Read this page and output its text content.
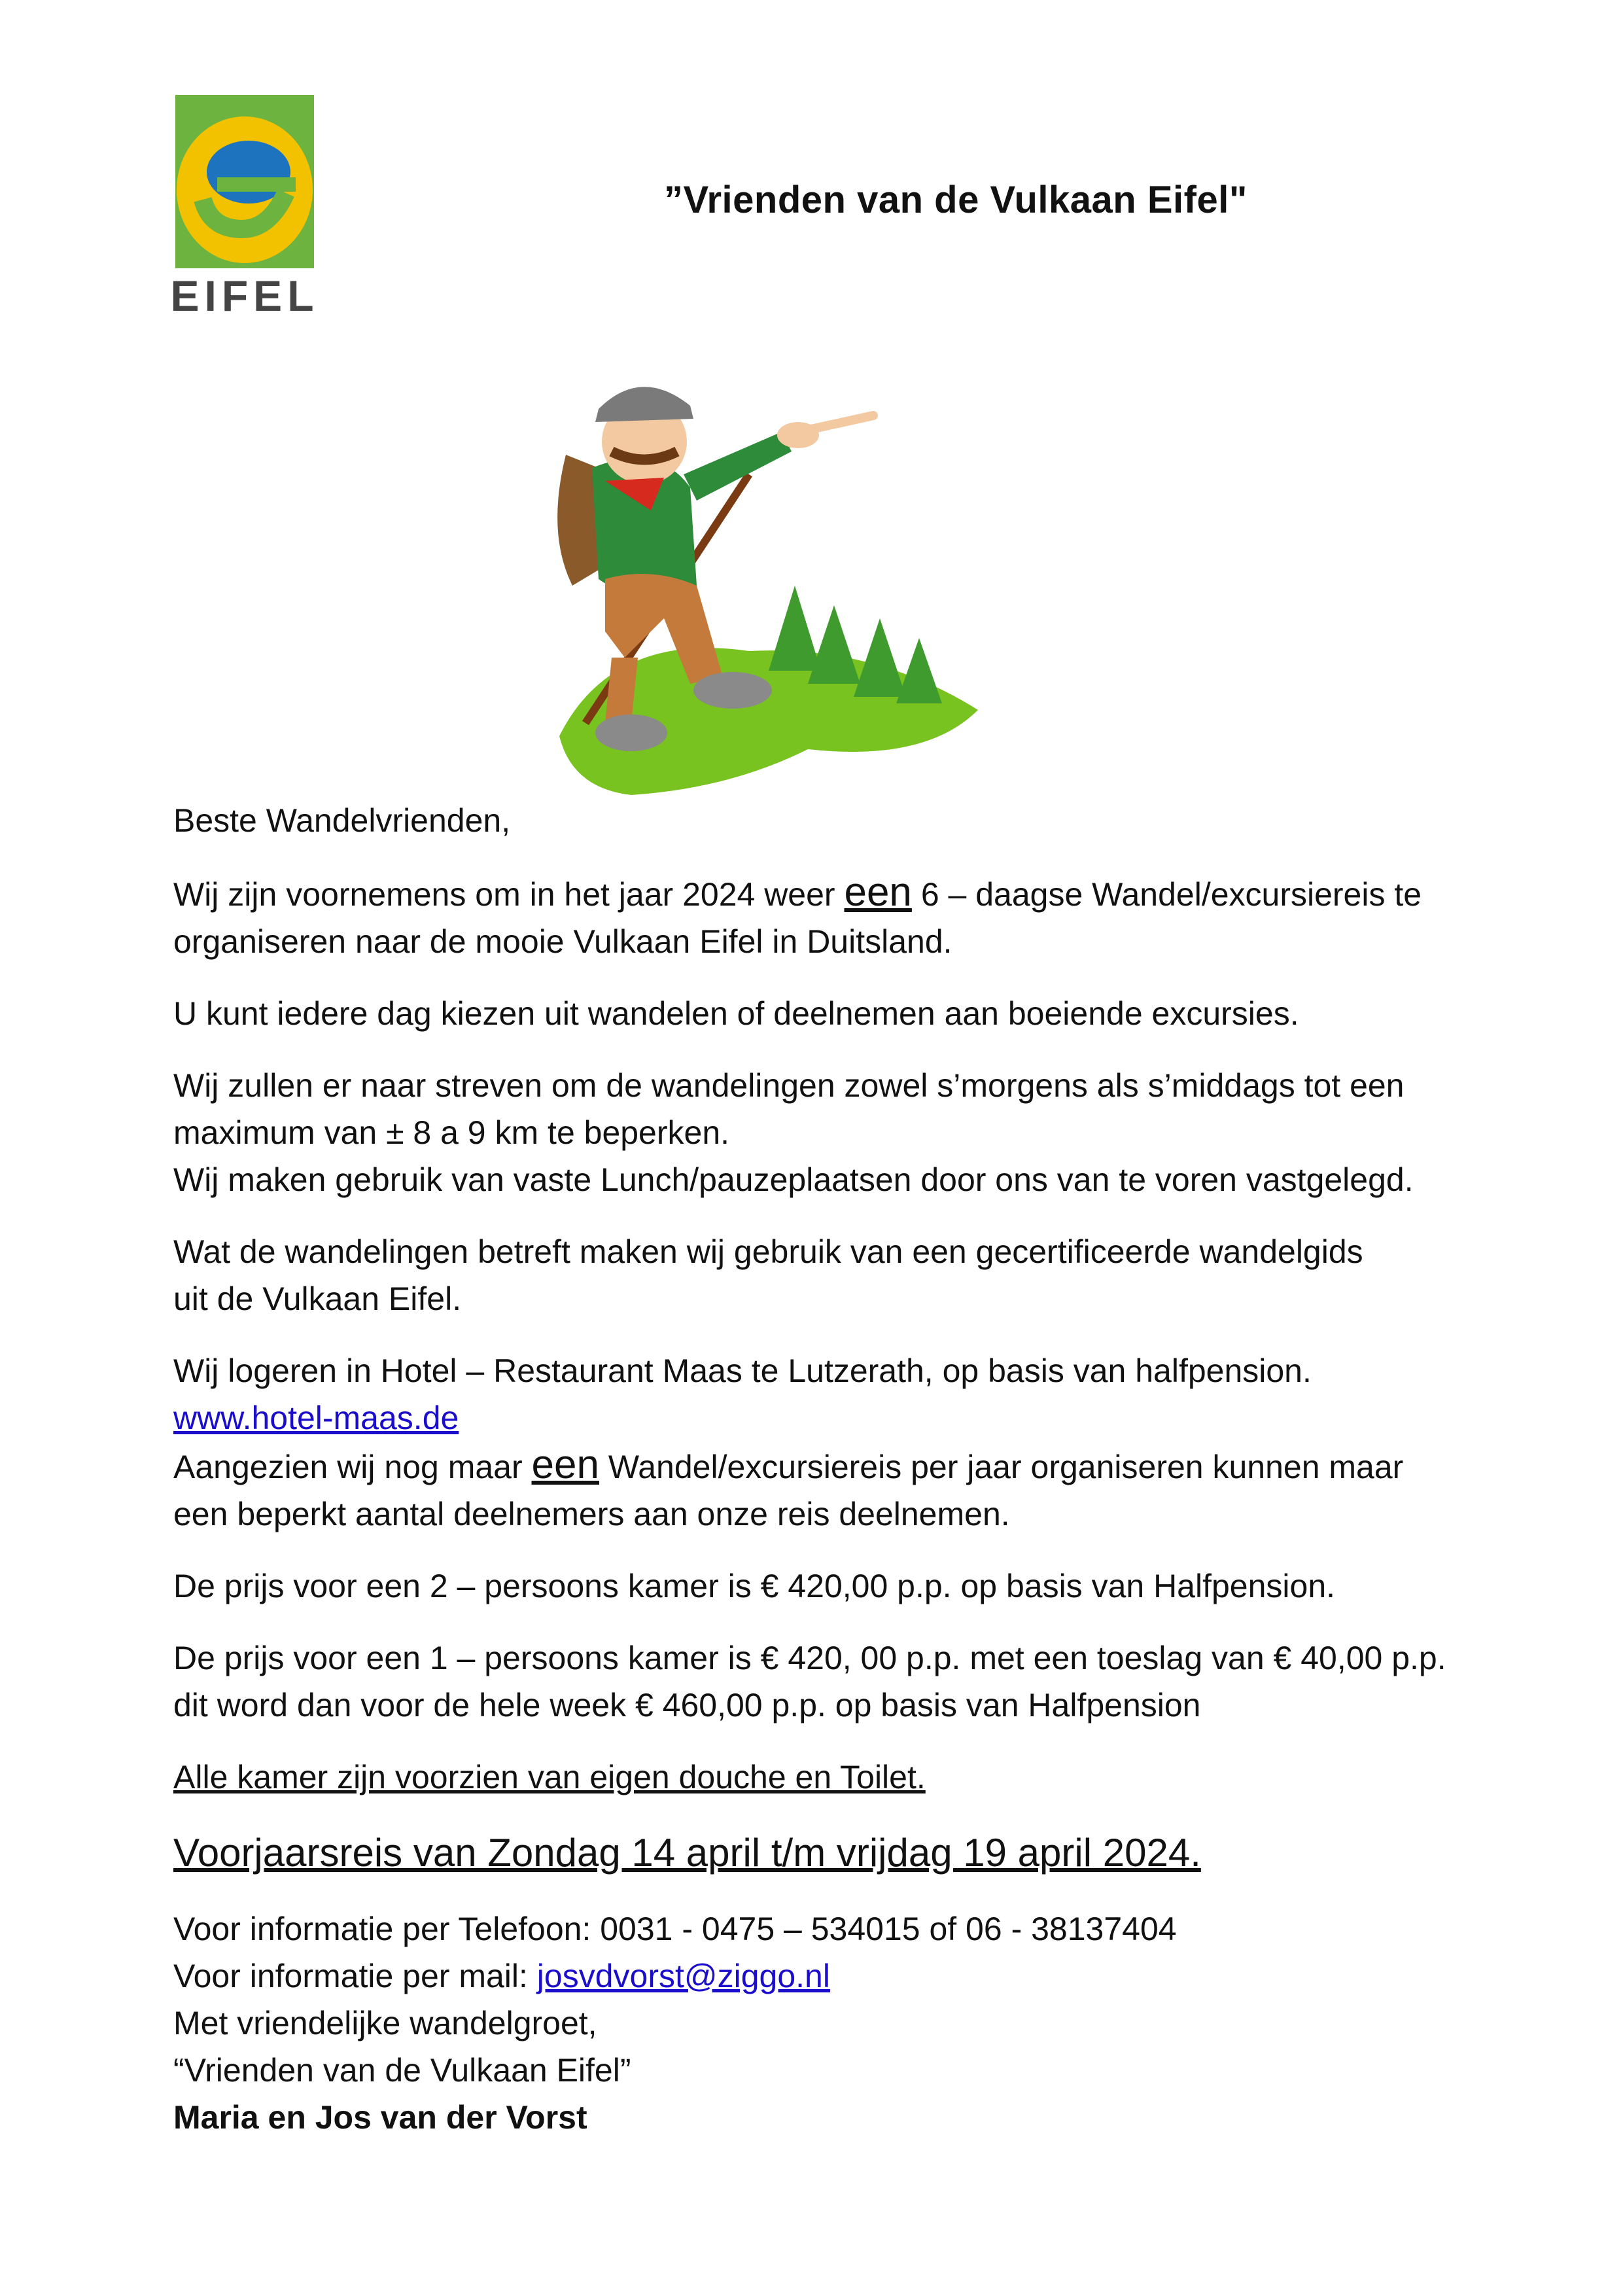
EIFEL
”Vrienden van de Vulkaan Eifel"

Beste Wandelvrienden,

Wij zijn voornemens om in het jaar 2024 weer een 6 – daagse Wandel/excursiereis te

organiseren naar de mooie Vulkaan Eifel in Duitsland.

U kunt iedere dag kiezen uit wandelen of deelnemen aan boeiende excursies.

Wij zullen er naar streven om de wandelingen zowel s’morgens als s’middags tot een

maximum van ± 8 a 9 km te beperken.

Wij maken gebruik van vaste Lunch/pauzeplaatsen door ons van te voren vastgelegd.

Wat de wandelingen betreft maken wij gebruik van een gecertificeerde wandelgids

uit de Vulkaan Eifel.

Wij logeren in Hotel – Restaurant Maas te Lutzerath, op basis van halfpension.

www.hotel-maas.de

Aangezien wij nog maar een Wandel/excursiereis per jaar organiseren kunnen maar

een beperkt aantal deelnemers aan onze reis deelnemen.

De prijs voor een 2 – persoons kamer is € 420,00 p.p. op basis van Halfpension.

De prijs voor een 1 – persoons kamer is € 420, 00 p.p. met een toeslag van € 40,00 p.p.

dit word dan voor de hele week € 460,00 p.p. op basis van Halfpension

Alle kamer zijn voorzien van eigen douche en Toilet.

Voorjaarsreis van Zondag 14 april t/m vrijdag 19 april 2024.

Voor informatie per Telefoon: 0031 - 0475 – 534015 of 06 - 38137404

Voor informatie per mail: josvdvorst@ziggo.nl

Met vriendelijke wandelgroet,

“Vrienden van de Vulkaan Eifel”

Maria en Jos van der Vorst
